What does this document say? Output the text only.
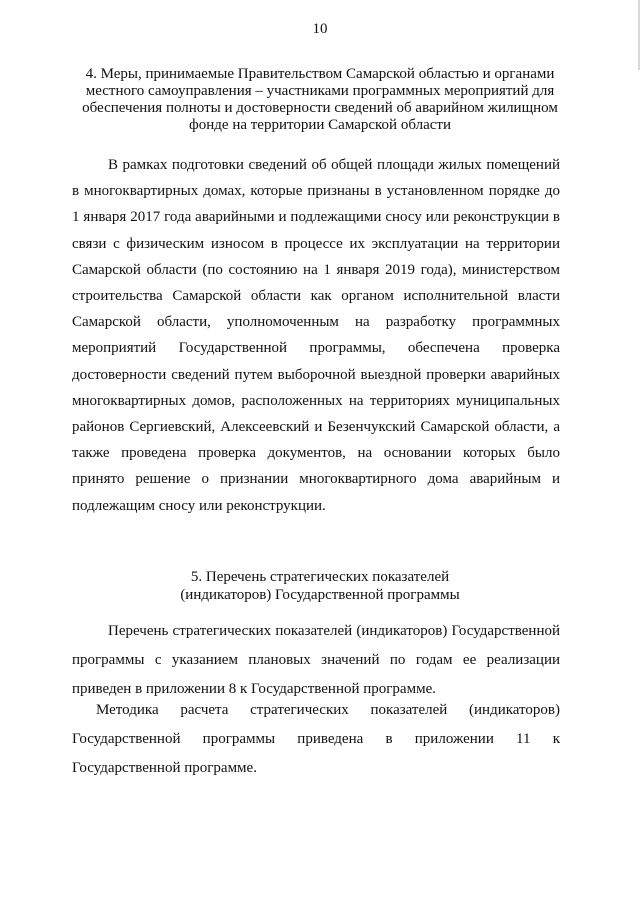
10
4. Меры, принимаемые Правительством Самарской областью и органами местного самоуправления – участниками программных мероприятий для обеспечения полноты и достоверности сведений об аварийном жилищном фонде на территории Самарской области

В рамках подготовки сведений об общей площади жилых помещений в многоквартирных домах, которые признаны в установленном порядке до 1 января 2017 года аварийными и подлежащими сносу или реконструкции в связи с физическим износом в процессе их эксплуатации на территории Самарской области (по состоянию на 1 января 2019 года), министерством строительства Самарской области как органом исполнительной власти Самарской области, уполномоченным на разработку программных мероприятий Государственной программы, обеспечена проверка достоверности сведений путем выборочной выездной проверки аварийных многоквартирных домов, расположенных на территориях муниципальных районов Сергиевский, Алексеевский и Безенчукский Самарской области, а также проведена проверка документов, на основании которых было принято решение о признании многоквартирного дома аварийным и подлежащим сносу или реконструкции.

5. Перечень стратегических показателей
(индикаторов) Государственной программы

Перечень стратегических показателей (индикаторов) Государственной программы с указанием плановых значений по годам ее реализации приведен в приложении 8 к Государственной программе.

Методика расчета стратегических показателей (индикаторов) Государственной программы приведена в приложении 11 к Государственной программе.
